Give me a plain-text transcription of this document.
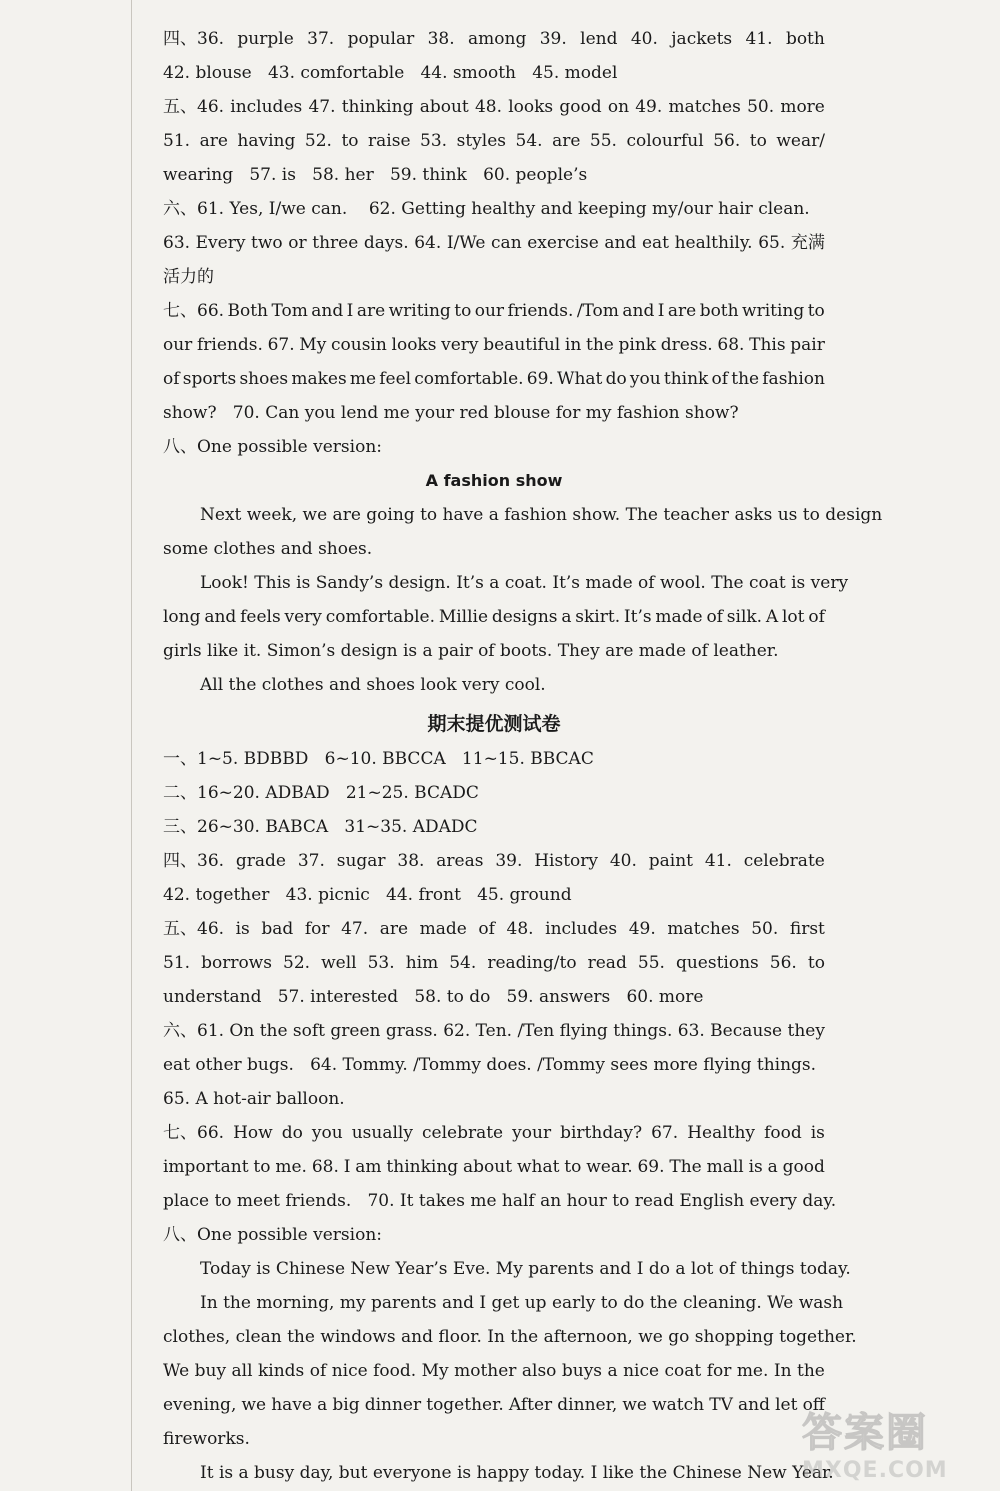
四、36. purple 37. popular 38. among 39. lend 40. jackets 41. both
42. blouse   43. comfortable   44. smooth   45. model
五、46. includes 47. thinking about 48. looks good on 49. matches 50. more
51. are having 52. to raise 53. styles 54. are 55. colourful 56. to wear/
wearing   57. is   58. her   59. think   60. people’s
六、61. Yes, I/we can.    62. Getting healthy and keeping my/our hair clean.
63. Every two or three days. 64. I/We can exercise and eat healthily. 65. 充满
活力的
七、66. Both Tom and I are writing to our friends. /Tom and I are both writing to
our friends. 67. My cousin looks very beautiful in the pink dress. 68. This pair
of sports shoes makes me feel comfortable. 69. What do you think of the fashion
show?   70. Can you lend me your red blouse for my fashion show?
八、One possible version:
A fashion show
Next week, we are going to have a fashion show. The teacher asks us to design
some clothes and shoes.
Look! This is Sandy’s design. It’s a coat. It’s made of wool. The coat is very
long and feels very comfortable. Millie designs a skirt. It’s made of silk. A lot of
girls like it. Simon’s design is a pair of boots. They are made of leather.
All the clothes and shoes look very cool.
期末提优测试卷
一、1~5. BDBBD   6~10. BBCCA   11~15. BBCAC
二、16~20. ADBAD   21~25. BCADC
三、26~30. BABCA   31~35. ADADC
四、36. grade 37. sugar 38. areas 39. History 40. paint 41. celebrate
42. together   43. picnic   44. front   45. ground
五、46. is bad for 47. are made of 48. includes 49. matches 50. first
51. borrows 52. well 53. him 54. reading/to read 55. questions 56. to
understand   57. interested   58. to do   59. answers   60. more
六、61. On the soft green grass. 62. Ten. /Ten flying things. 63. Because they
eat other bugs.   64. Tommy. /Tommy does. /Tommy sees more flying things.
65. A hot-air balloon.
七、66. How do you usually celebrate your birthday? 67. Healthy food is
important to me. 68. I am thinking about what to wear. 69. The mall is a good
place to meet friends.   70. It takes me half an hour to read English every day.
八、One possible version:
Today is Chinese New Year’s Eve. My parents and I do a lot of things today.
In the morning, my parents and I get up early to do the cleaning. We wash
clothes, clean the windows and floor. In the afternoon, we go shopping together.
We buy all kinds of nice food. My mother also buys a nice coat for me. In the
evening, we have a big dinner together. After dinner, we watch TV and let off
fireworks.
It is a busy day, but everyone is happy today. I like the Chinese New Year.
答案圈
MXQE.COM
